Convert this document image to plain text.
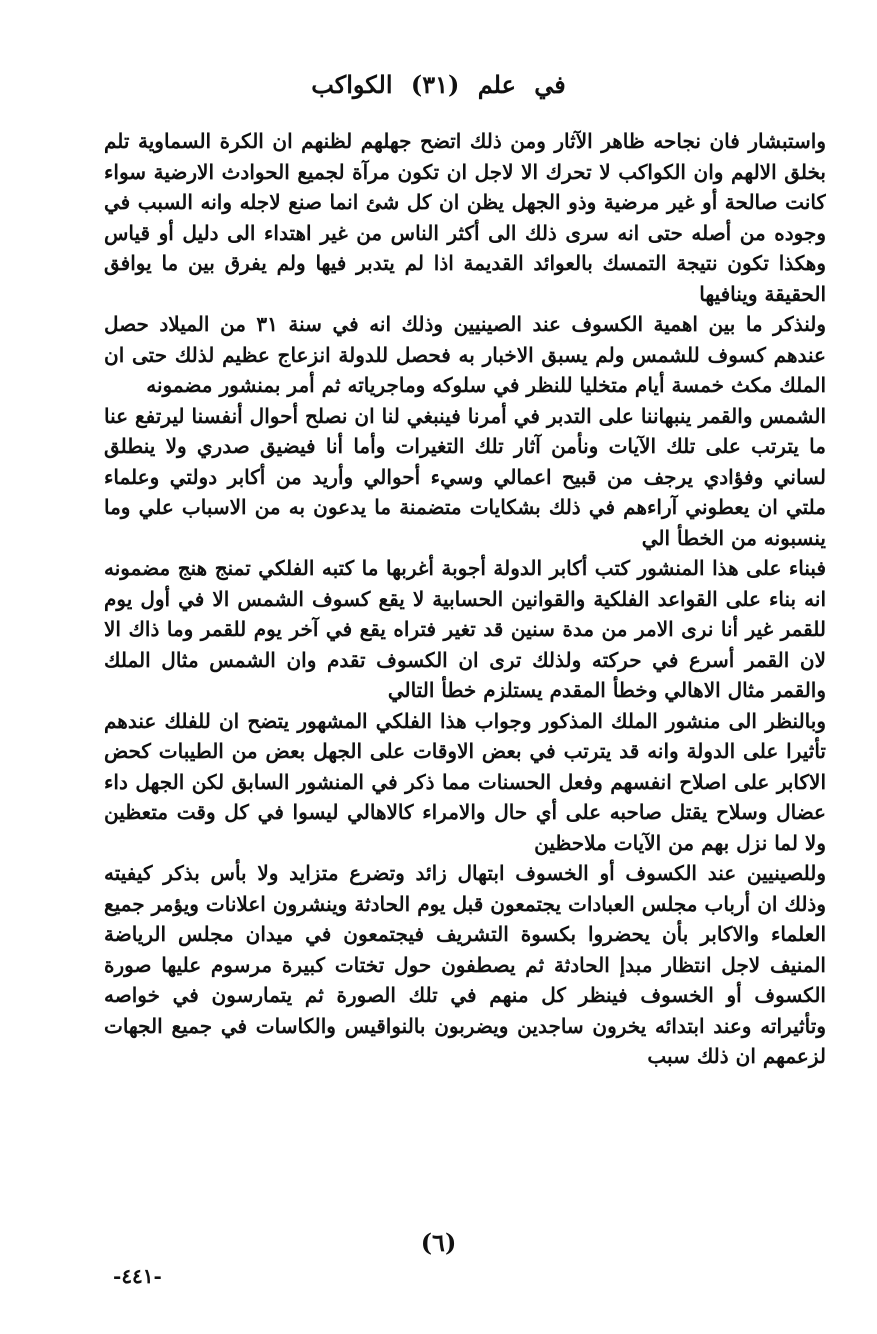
في علم (٣١) الكواكب

واستبشار فان نجاحه ظاهر الآثار ومن ذلك اتضح جهلهم لظنهم ان الكرة السماوية تلم بخلق الالهم وان الكواكب لا تحرك الا لاجل ان تكون مرآة لجميع الحوادث الارضية سواء كانت صالحة أو غير مرضية وذو الجهل يظن ان كل شئ انما صنع لاجله وانه السبب في وجوده من أصله حتى انه سرى ذلك الى أكثر الناس من غير اهتداء الى دليل أو قياس وهكذا تكون نتيجة التمسك بالعوائد القديمة اذا لم يتدبر فيها ولم يفرق بين ما يوافق الحقيقة وينافيها

ولنذكر ما بين اهمية الكسوف عند الصينيين وذلك انه في سنة ٣١ من الميلاد حصل عندهم كسوف للشمس ولم يسبق الاخبار به فحصل للدولة انزعاج عظيم لذلك حتى ان الملك مكث خمسة أيام متخليا للنظر في سلوكه وماجرياته ثم أمر بمنشور مضمونه

الشمس والقمر ينبهاننا على التدبر في أمرنا فينبغي لنا ان نصلح أحوال أنفسنا ليرتفع عنا ما يترتب على تلك الآيات ونأمن آثار تلك التغيرات وأما أنا فيضيق صدري ولا ينطلق لساني وفؤادي يرجف من قبيح اعمالي وسيء أحوالي وأريد من أكابر دولتي وعلماء ملتي ان يعطوني آراءهم في ذلك بشكايات متضمنة ما يدعون به من الاسباب علي وما ينسبونه من الخطأ الي

فبناء على هذا المنشور كتب أكابر الدولة أجوبة أغربها ما كتبه الفلكي تمنج هنج مضمونه انه بناء على القواعد الفلكية والقوانين الحسابية لا يقع كسوف الشمس الا في أول يوم للقمر غير أنا نرى الامر من مدة سنين قد تغير فتراه يقع في آخر يوم للقمر وما ذاك الا لان القمر أسرع في حركته ولذلك ترى ان الكسوف تقدم وان الشمس مثال الملك والقمر مثال الاهالي وخطأ المقدم يستلزم خطأ التالي

وبالنظر الى منشور الملك المذكور وجواب هذا الفلكي المشهور يتضح ان للفلك عندهم تأثيرا على الدولة وانه قد يترتب في بعض الاوقات على الجهل بعض من الطيبات كحض الاكابر على اصلاح انفسهم وفعل الحسنات مما ذكر في المنشور السابق لكن الجهل داء عضال وسلاح يقتل صاحبه على أي حال والامراء كالاهالي ليسوا في كل وقت متعظين ولا لما نزل بهم من الآيات ملاحظين

وللصينيين عند الكسوف أو الخسوف ابتهال زائد وتضرع متزايد ولا بأس بذكر كيفيته وذلك ان أرباب مجلس العبادات يجتمعون قبل يوم الحادثة وينشرون اعلانات ويؤمر جميع العلماء والاكابر بأن يحضروا بكسوة التشريف فيجتمعون في ميدان مجلس الرياضة المنيف لاجل انتظار مبدإ الحادثة ثم يصطفون حول تختات كبيرة مرسوم عليها صورة الكسوف أو الخسوف فينظر كل منهم في تلك الصورة ثم يتمارسون في خواصه وتأثيراته وعند ابتدائه يخرون ساجدين ويضربون بالنواقيس والكاسات في جميع الجهات لزعمهم ان ذلك سبب

(٦)
-٤٤١-
